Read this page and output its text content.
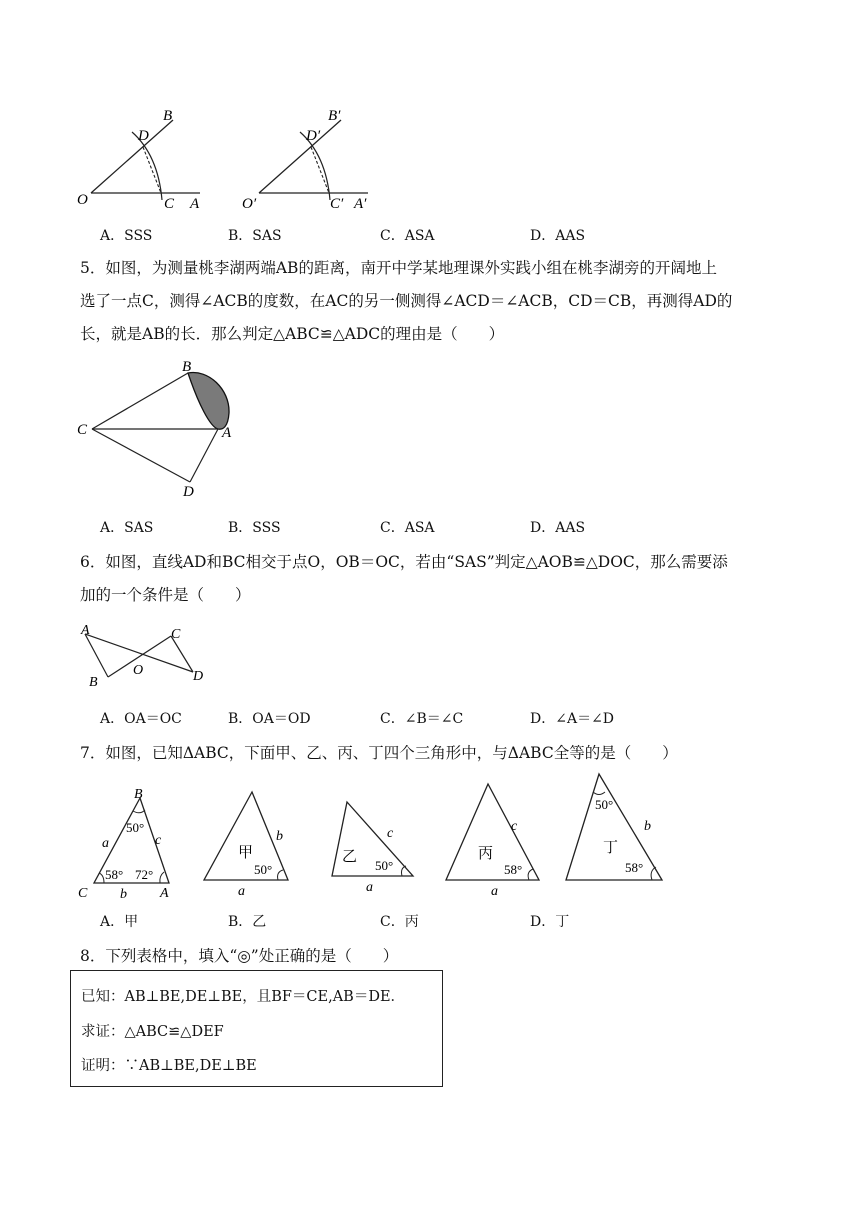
B
D
O	C A
B′
D′
O′	C′ A′
A．SSS	B．SAS	C．ASA	D．AAS
5．如图，为测量桃李湖两端AB的距离，南开中学某地理课外实践小组在桃李湖旁的开阔地上
选了一点C，测得∠ACB的度数，在AC的另一侧测得∠ACD＝∠ACB，CD＝CB，再测得AD的
长，就是AB的长．那么判定△ABC≌△ADC的理由是（　　）
B
C	A
D
A．SAS	B．SSS	C．ASA	D．AAS
6．如图，直线AD和BC相交于点O，OB＝OC，若由“SAS”判定△AOB≌△DOC，那么需要添
加的一个条件是（　　）
A
B
O
C
D
A．OA＝OC	B．OA＝OD	C．∠B＝∠C	D．∠A＝∠D
7．如图，已知ΔABC，下面甲、乙、丙、丁四个三角形中，与ΔABC全等的是（　　）
B
C	A
a
b
c
50°
58° 72°
甲
b
a
50°
乙
c
a
50°
丙
c
a
58°
丁
b
50°
58°
A．甲	B．乙	C．丙	D．丁
8．下列表格中，填入“◎”处正确的是（　　）
已知：AB⊥BE,DE⊥BE，且BF＝CE,AB＝DE．
求证：△ABC≌△DEF
证明：∵AB⊥BE,DE⊥BE
